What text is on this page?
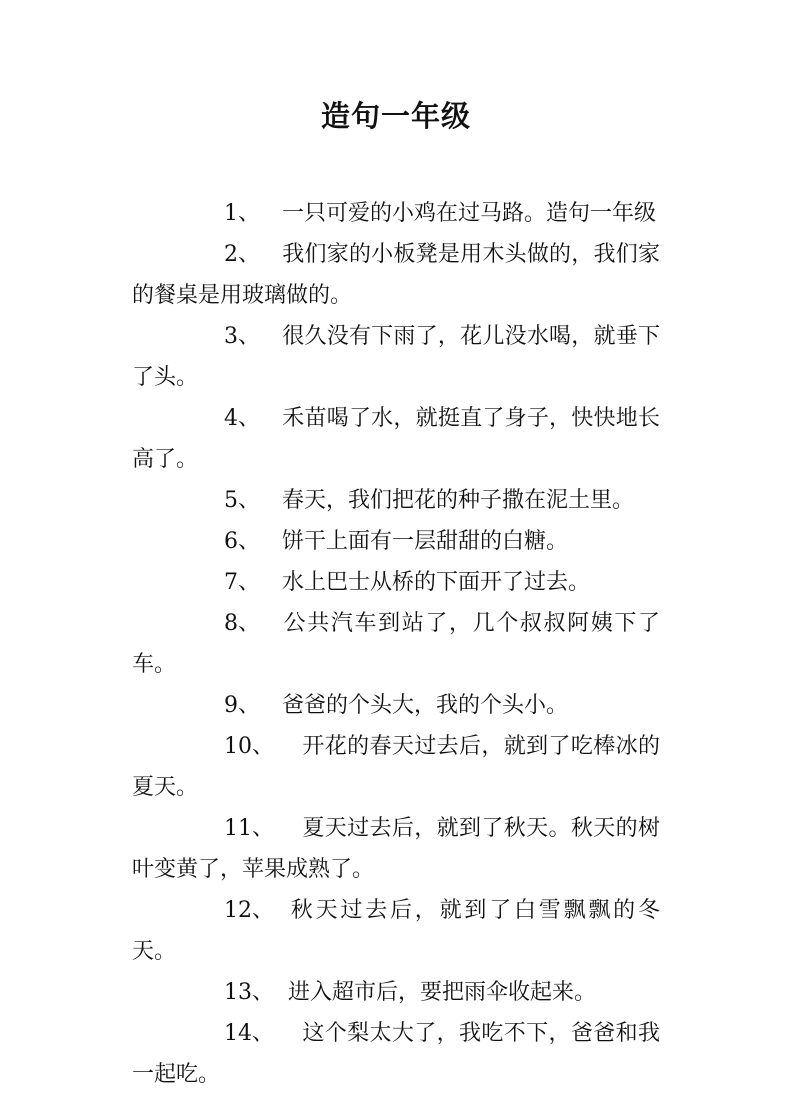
造句一年级

1、 一只可爱的小鸡在过马路。造句一年级

2、 我们家的小板凳是用木头做的，我们家的餐桌是用玻璃做的。

3、 很久没有下雨了，花儿没水喝，就垂下了头。

4、 禾苗喝了水，就挺直了身子，快快地长高了。

5、 春天，我们把花的种子撒在泥土里。

6、 饼干上面有一层甜甜的白糖。

7、 水上巴士从桥的下面开了过去。

8、 公共汽车到站了，几个叔叔阿姨下了车。

9、 爸爸的个头大，我的个头小。

10、 开花的春天过去后，就到了吃棒冰的夏天。

11、 夏天过去后，就到了秋天。秋天的树叶变黄了，苹果成熟了。

12、 秋天过去后，就到了白雪飘飘的冬天。

13、 进入超市后，要把雨伞收起来。

14、 这个梨太大了，我吃不下，爸爸和我一起吃。
